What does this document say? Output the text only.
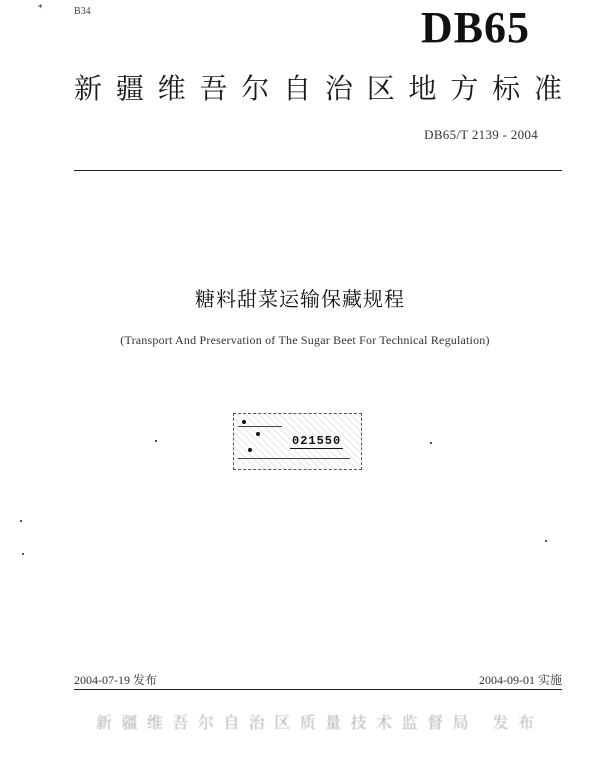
*	B34	DB65
新 疆 维 吾 尔 自 治 区 地 方 标 准
DB65/T 2139 - 2004
糖料甜菜运输保藏规程
(Transport And Preservation of The Sugar Beet For Technical Regulation)
021550
2004-07-19 发布	2004-09-01 实施
新疆维吾尔自治区质量技术监督局 发布
